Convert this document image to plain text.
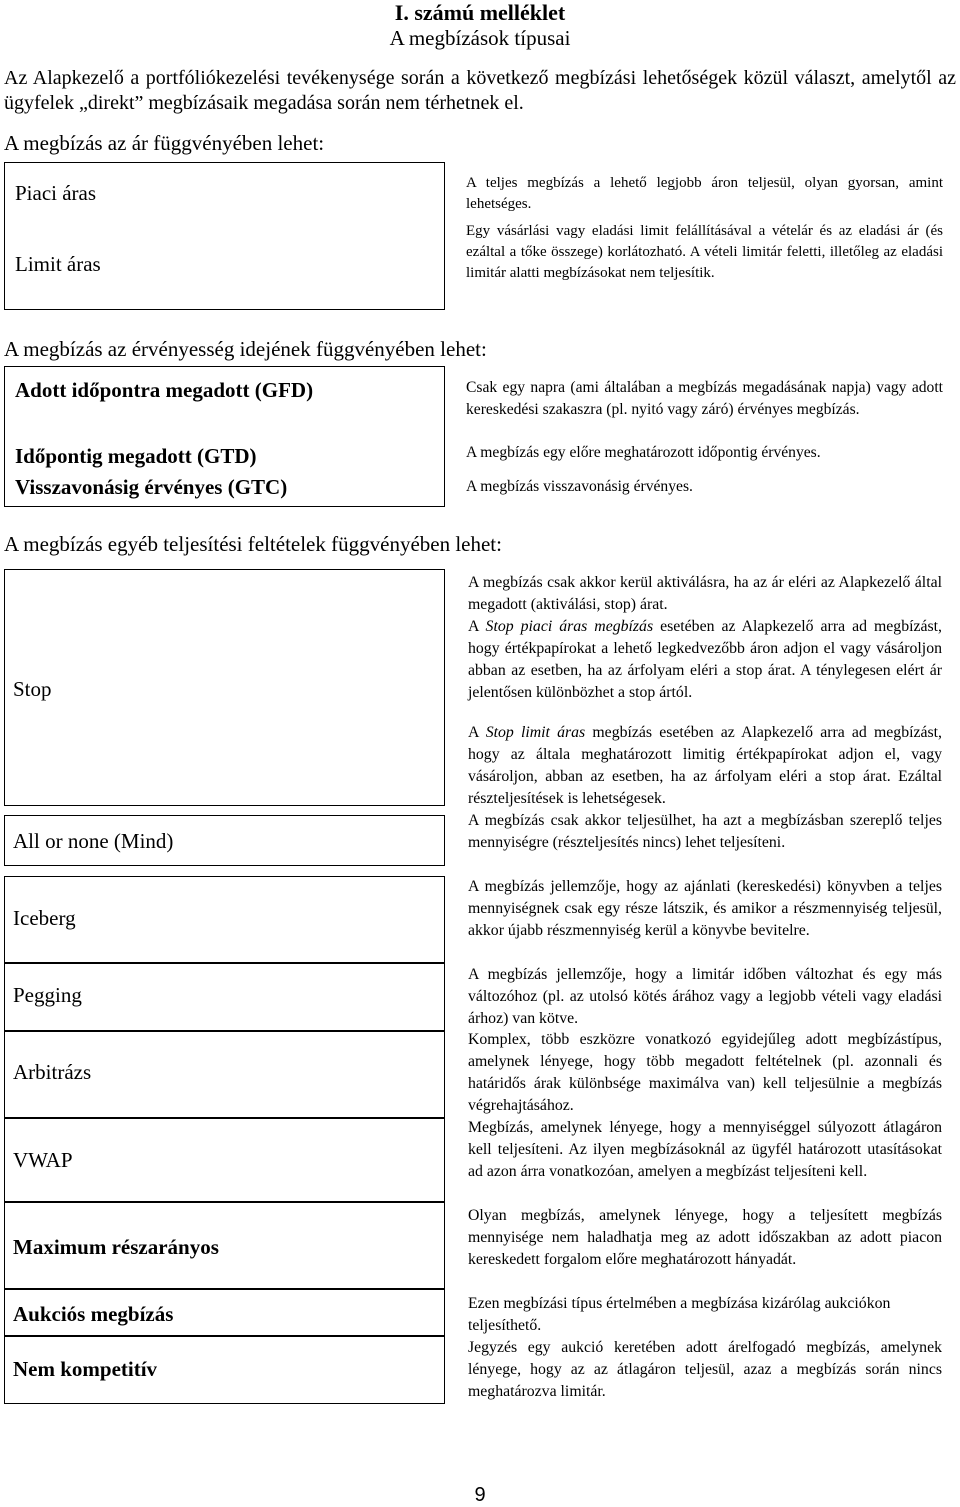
I. számú melléklet
A megbízások típusai
Az Alapkezelő a portfóliókezelési tevékenysége során a következő megbízási lehetőségek közül választ, amelytől az ügyfelek „direkt” megbízásaik megadása során nem térhetnek el.
A megbízás az ár függvényében lehet:
Piaci áras
Limit áras
A teljes megbízás a lehető legjobb áron teljesül, olyan gyorsan, amint lehetséges.
Egy vásárlási vagy eladási limit felállításával a vételár és az eladási ár (és ezáltal a tőke összege) korlátozható. A vételi limitár feletti, illetőleg az eladási limitár alatti megbízásokat nem teljesítik.
A megbízás az érvényesség idejének függvényében lehet:
Adott időpontra megadott (GFD)
Időpontig megadott (GTD)
Visszavonásig érvényes (GTC)
Csak egy napra (ami általában a megbízás megadásának napja) vagy adott kereskedési szakaszra (pl. nyitó vagy záró) érvényes megbízás.
A megbízás egy előre meghatározott időpontig érvényes.
A megbízás visszavonásig érvényes.
A megbízás egyéb teljesítési feltételek függvényében lehet:
Stop
All or none (Mind)
Iceberg
Pegging
Arbitrázs
VWAP
Maximum részarányos
Aukciós megbízás
Nem kompetitív
A megbízás csak akkor kerül aktiválásra, ha az ár eléri az Alapkezelő által megadott (aktiválási, stop) árat.
A Stop piaci áras megbízás esetében az Alapkezelő arra ad megbízást, hogy értékpapírokat a lehető legkedvezőbb áron adjon el vagy vásároljon abban az esetben, ha az árfolyam eléri a stop árat. A ténylegesen elért ár jelentősen különbözhet a stop ártól.
A Stop limit áras megbízás esetében az Alapkezelő arra ad megbízást, hogy az általa meghatározott limitig értékpapírokat adjon el, vagy vásároljon, abban az esetben, ha az árfolyam eléri a stop árat. Ezáltal részteljesítések is lehetségesek.
A megbízás csak akkor teljesülhet, ha azt a megbízásban szereplő teljes mennyiségre (részteljesítés nincs) lehet teljesíteni.
A megbízás jellemzője, hogy az ajánlati (kereskedési) könyvben a teljes mennyiségnek csak egy része látszik, és amikor a részmennyiség teljesül, akkor újabb részmennyiség kerül a könyvbe bevitelre.
A megbízás jellemzője, hogy a limitár időben változhat és egy más változóhoz (pl. az utolsó kötés árához vagy a legjobb vételi vagy eladási árhoz) van kötve.
Komplex, több eszközre vonatkozó egyidejűleg adott megbízástípus, amelynek lényege, hogy több megadott feltételnek (pl. azonnali és határidős árak különbsége maximálva van) kell teljesülnie a megbízás végrehajtásához.
Megbízás, amelynek lényege, hogy a mennyiséggel súlyozott átlagáron kell teljesíteni. Az ilyen megbízásoknál az ügyfél határozott utasításokat ad azon árra vonatkozóan, amelyen a megbízást teljesíteni kell.
Olyan megbízás, amelynek lényege, hogy a teljesített megbízás mennyisége nem haladhatja meg az adott időszakban az adott piacon kereskedett forgalom előre meghatározott hányadát.
Ezen megbízási típus értelmében a megbízása kizárólag aukciókon teljesíthető.
Jegyzés egy aukció keretében adott árelfogadó megbízás, amelynek lényege, hogy az az átlagáron teljesül, azaz a megbízás során nincs meghatározva limitár.
9
